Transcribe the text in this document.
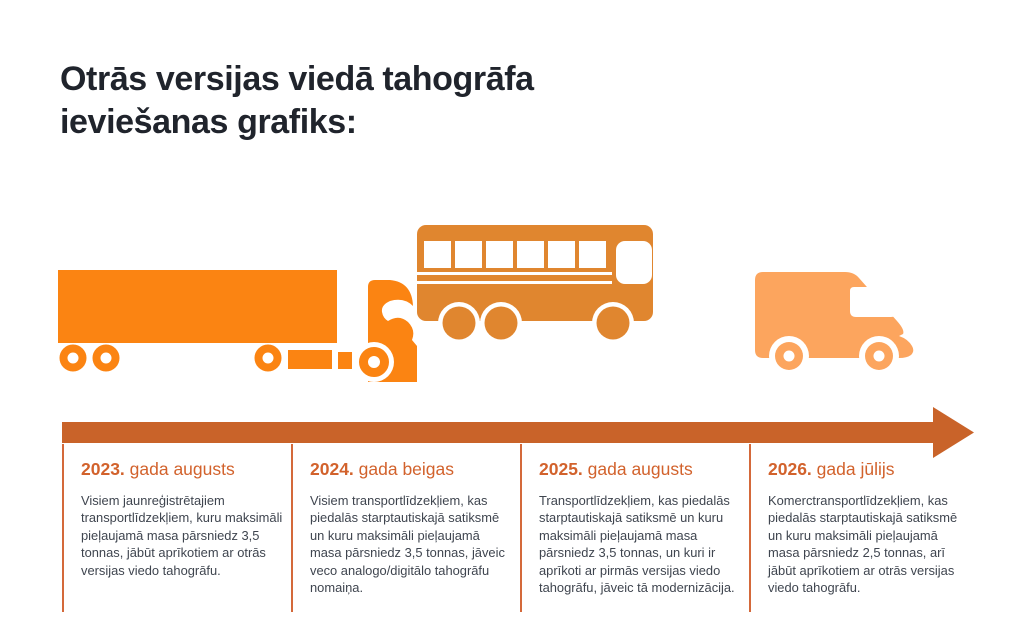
Otrās versijas viedā tahogrāfa
ieviešanas grafiks:

2023. gada augusts

Visiem jaunreģistrētajiem transportlīdzekļiem, kuru maksimāli pieļaujamā masa pārsniedz 3,5 tonnas, jābūt aprīkotiem ar otrās versijas viedo tahogrāfu.

2024. gada beigas

Visiem transportlīdzekļiem, kas piedalās starptautiskajā satiksmē un kuru maksimāli pieļaujamā masa pārsniedz 3,5 tonnas, jāveic veco analogo/digitālo tahogrāfu nomaiņa.

2025. gada augusts

Transportlīdzekļiem, kas piedalās starptautiskajā satiksmē un kuru maksimāli pieļaujamā masa pārsniedz 3,5 tonnas, un kuri ir aprīkoti ar pirmās versijas viedo tahogrāfu, jāveic tā modernizācija.

2026. gada jūlijs

Komerctransportlīdzekļiem, kas piedalās starptautiskajā satiksmē un kuru maksimāli pieļaujamā masa pārsniedz 2,5 tonnas, arī jābūt aprīkotiem ar otrās versijas viedo tahogrāfu.
